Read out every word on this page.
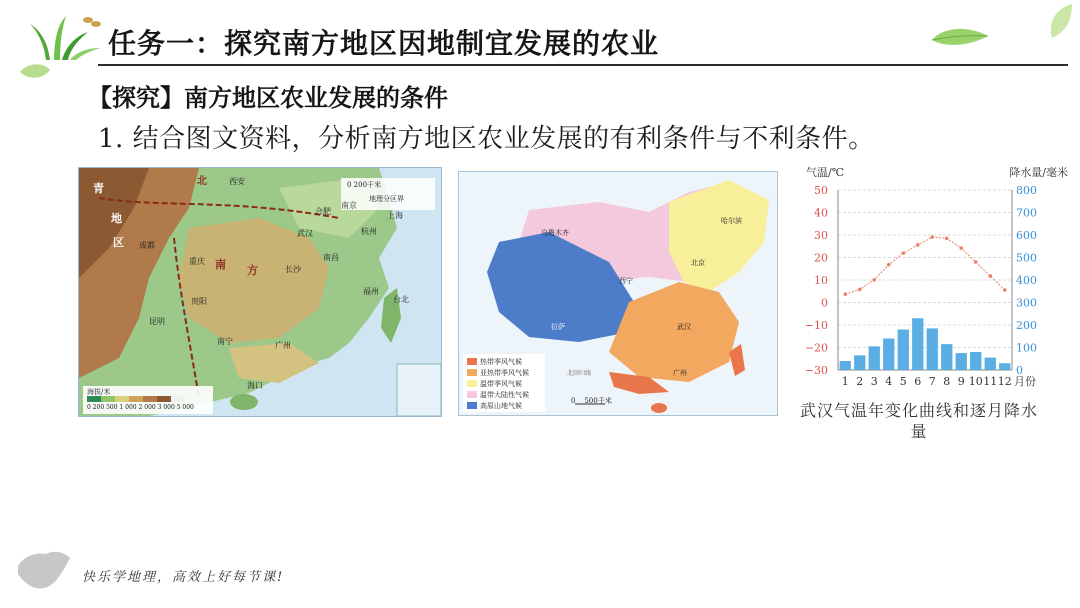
任务一：探究南方地区因地制宜发展的农业
【探究】南方地区农业发展的条件
1. 结合图文资料，分析南方地区农业发展的有利条件与不利条件。
北
青
地
区
南 方
西安
合肥
南京
上海
武汉	杭州
南昌
长沙
成都
重庆
贵阳
福州
昆明
台北
南宁	广州
海口
0 200千米
地理分区界
海拔/米
0 200 500 1 000 2 000 3 000 5 000
乌鲁木齐
哈尔滨
北京
西宁
拉萨	武汉
广州
北回归线
热带季风气候
亚热带季风气候
温带季风气候
温带大陆性气候
高原山地气候
0    500千米
气温/℃	降水量/毫米
50
40
30
20
10
0
−10
−20
−30
800
700
600
500
400
300
200
100
0
1 2 3 4 5 6 7 8 9 10 11 12 月份
武汉气温年变化曲线和逐月降水量
快乐学地理，高效上好每节课!
